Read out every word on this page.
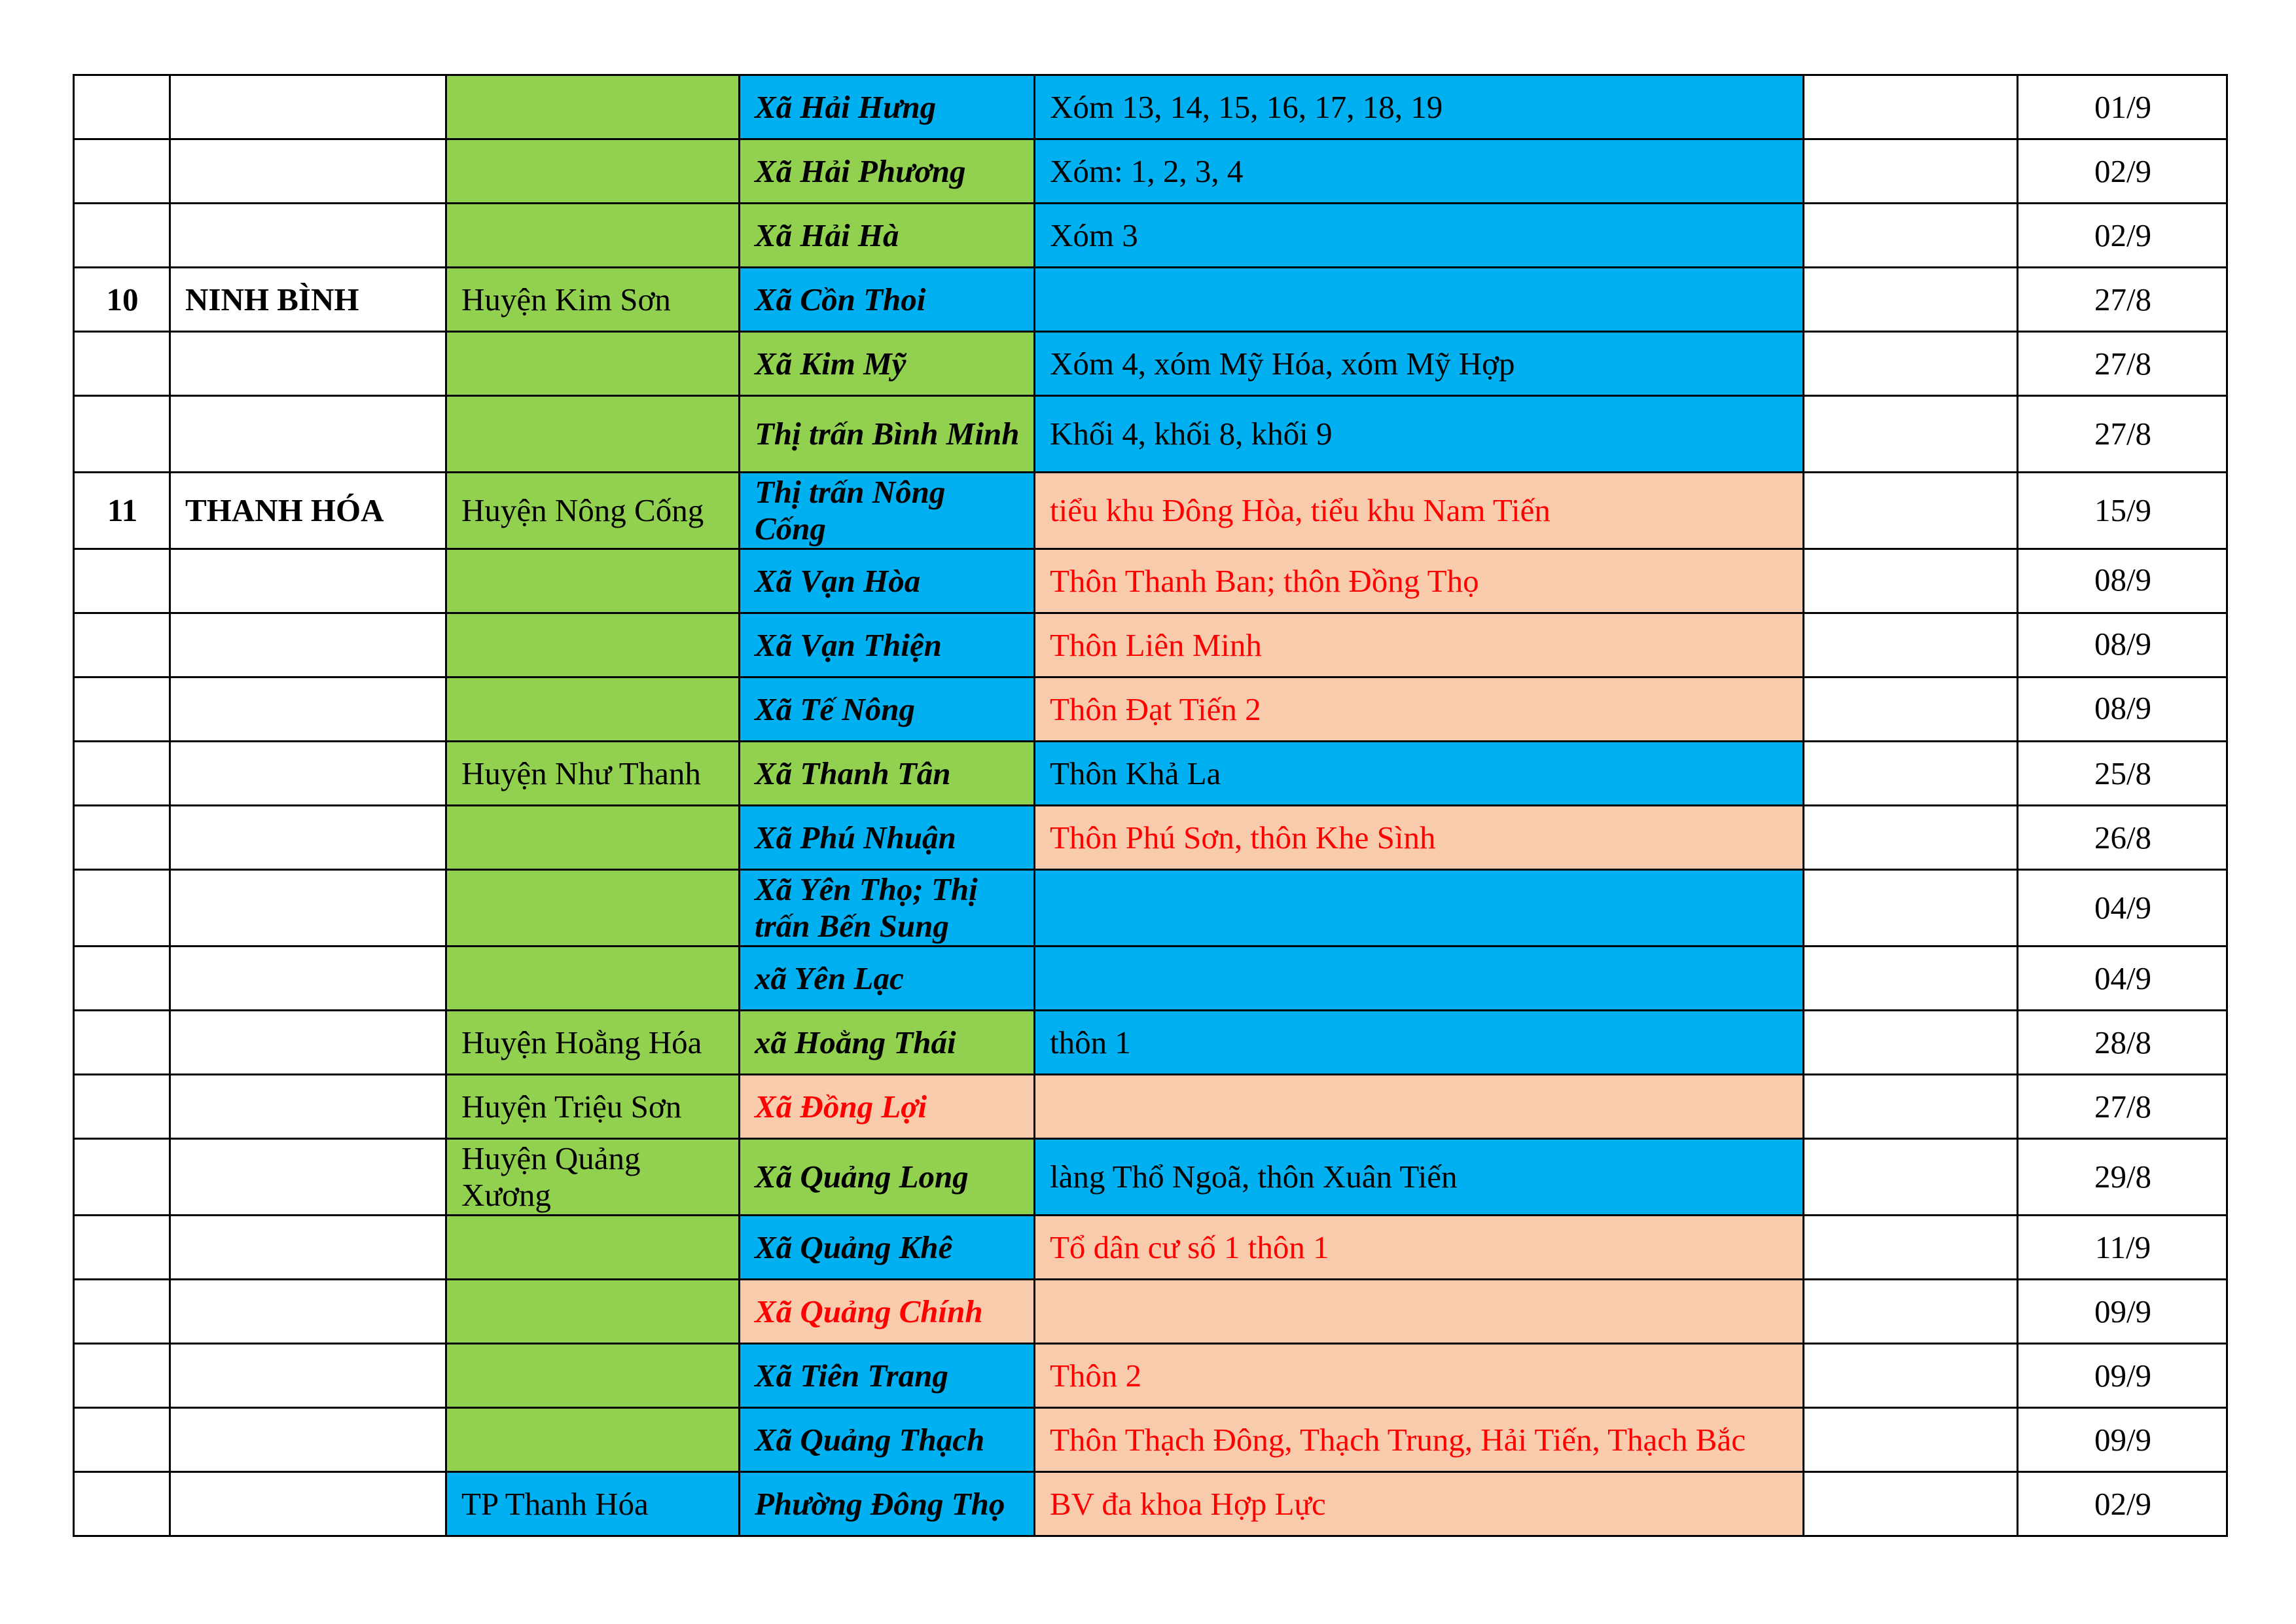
			Xã Hải Hưng	Xóm 13, 14, 15, 16, 17, 18, 19		01/9
			Xã Hải Phương	Xóm: 1, 2, 3, 4		02/9
			Xã Hải Hà	Xóm 3		02/9
10	NINH BÌNH	Huyện Kim Sơn	Xã Cồn Thoi			27/8
			Xã Kim Mỹ	Xóm 4, xóm Mỹ Hóa, xóm Mỹ Hợp		27/8
			Thị trấn Bình Minh	Khối 4, khối 8, khối 9		27/8
11	THANH HÓA	Huyện Nông Cống	Thị trấn Nông Cống	tiểu khu Đông Hòa, tiểu khu Nam Tiến		15/9
			Xã Vạn Hòa	Thôn Thanh Ban; thôn Đồng Thọ		08/9
			Xã Vạn Thiện	Thôn Liên Minh		08/9
			Xã Tế Nông	Thôn Đạt Tiến 2		08/9
		Huyện Như Thanh	Xã Thanh Tân	Thôn Khả La		25/8
			Xã Phú Nhuận	Thôn Phú Sơn, thôn Khe Sình		26/8
			Xã Yên Thọ; Thị trấn Bến Sung			04/9
			xã Yên Lạc			04/9
		Huyện Hoằng Hóa	xã Hoằng Thái	thôn 1		28/8
		Huyện Triệu Sơn	Xã Đồng Lợi			27/8
		Huyện Quảng Xương	Xã Quảng Long	làng Thổ Ngoã, thôn Xuân Tiến		29/8
			Xã Quảng Khê	Tổ dân cư số 1 thôn 1		11/9
			Xã Quảng Chính			09/9
			Xã Tiên Trang	Thôn 2		09/9
			Xã Quảng Thạch	Thôn Thạch Đông, Thạch Trung, Hải Tiến, Thạch Bắc		09/9
		TP Thanh Hóa	Phường Đông Thọ	BV đa khoa Hợp Lực		02/9
